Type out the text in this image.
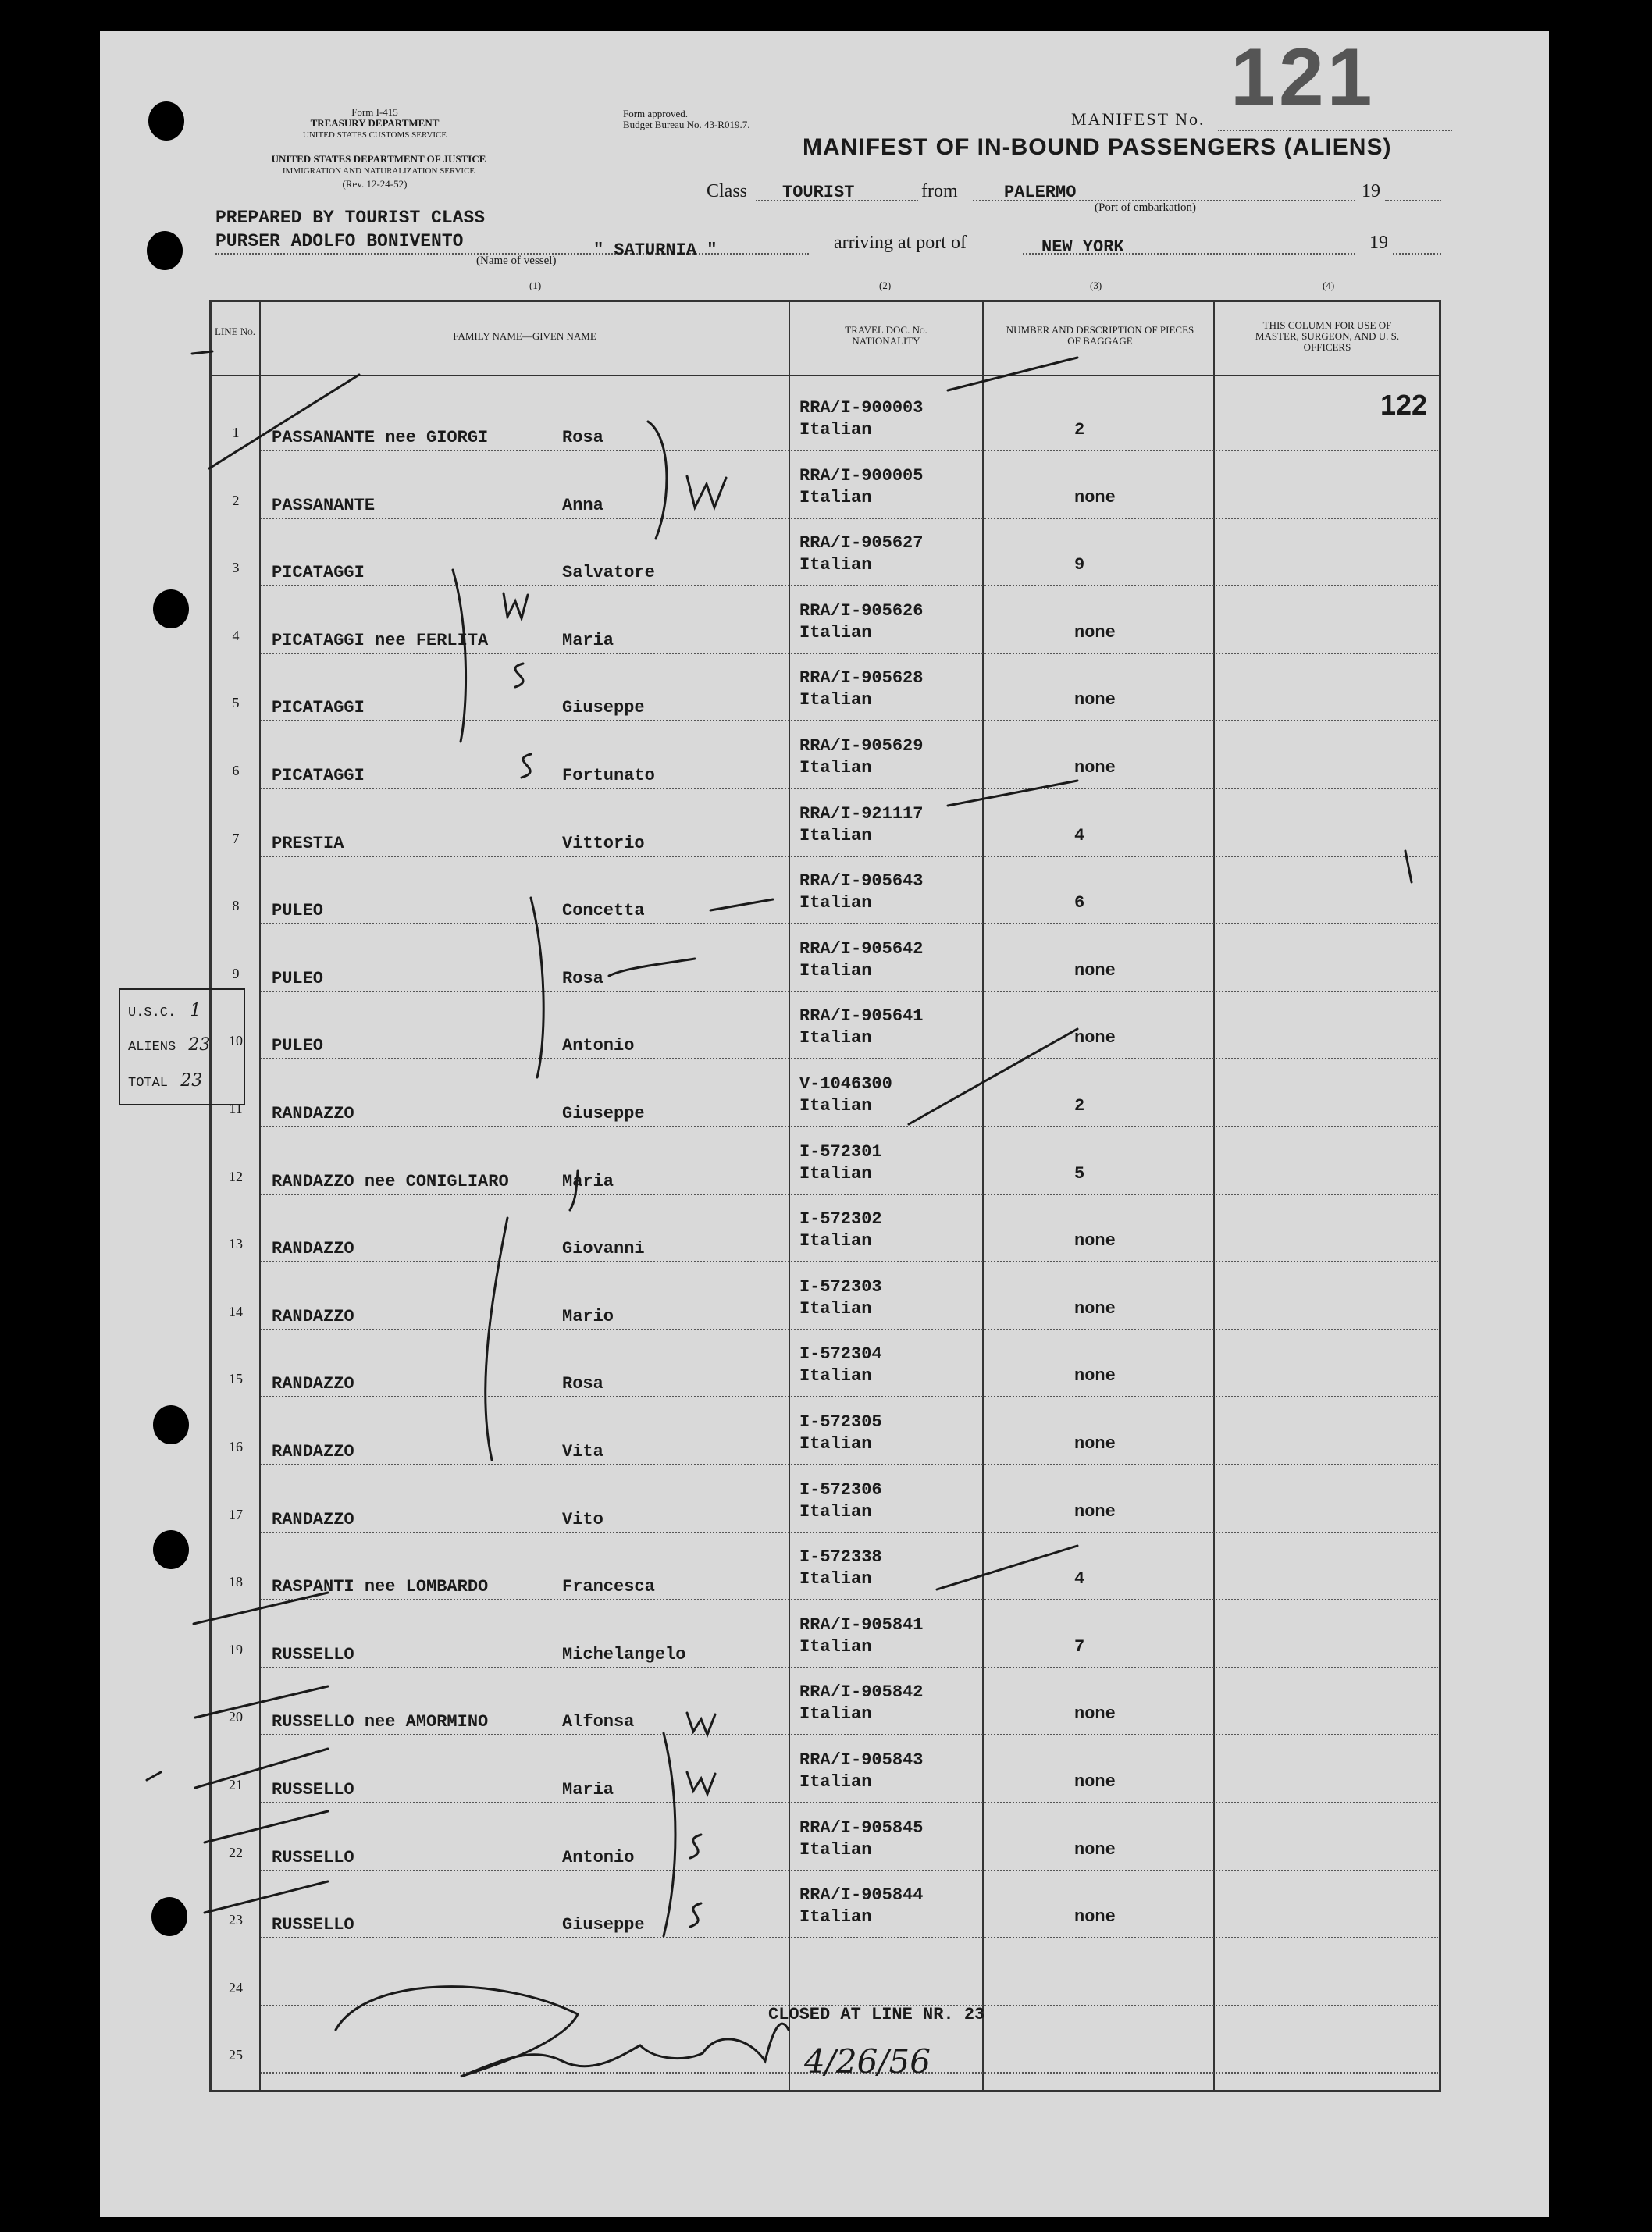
Form I-415
TREASURY DEPARTMENT
UNITED STATES CUSTOMS SERVICE
UNITED STATES DEPARTMENT OF JUSTICE
IMMIGRATION AND NATURALIZATION SERVICE
(Rev. 12-24-52)
Form approved.
Budget Bureau No. 43-R019.7.	MANIFEST No. 121
MANIFEST OF IN-BOUND PASSENGERS (ALIENS)
Class TOURIST	from	PALERMO
(Port of embarkation)
19
PREPARED BY TOURIST CLASS
PURSER ADOLFO BONIVENTO	" SATURNIA "
(Name of vessel)
arriving at port of	NEW YORK	19
(1)	(2)	(3)	(4)
LINE No.	FAMILY NAME—GIVEN NAME
TRAVEL DOC. No. NATIONALITY
NUMBER AND DESCRIPTION OF PIECES OF BAGGAGE
THIS COLUMN FOR USE OF MASTER, SURGEON, AND U. S. OFFICERS
122
1	PASSANANTE nee GIORGI	Rosa
RRA/I-900003
Italian	2
2	PASSANANTE	Anna
RRA/I-900005
Italian	none
3	PICATAGGI	Salvatore
RRA/I-905627
Italian	9
4	PICATAGGI nee FERLITA	Maria
RRA/I-905626
Italian	none
5	PICATAGGI	Giuseppe
RRA/I-905628
Italian	none
6	PICATAGGI	Fortunato
RRA/I-905629
Italian	none
7	PRESTIA	Vittorio
RRA/I-921117
Italian	4
8	PULEO	Concetta
RRA/I-905643
Italian	6
9	PULEO	Rosa
RRA/I-905642
Italian	none
10	PULEO	Antonio
RRA/I-905641
Italian	none
11	RANDAZZO	Giuseppe
V-1046300
Italian	2
12	RANDAZZO nee CONIGLIARO	Maria
I-572301
Italian	5
13	RANDAZZO	Giovanni
I-572302
Italian	none
14	RANDAZZO	Mario
I-572303
Italian	none
15	RANDAZZO	Rosa
I-572304
Italian	none
16	RANDAZZO	Vita
I-572305
Italian	none
17	RANDAZZO	Vito
I-572306
Italian	none
18	RASPANTI nee LOMBARDO	Francesca
I-572338
Italian	4
19	RUSSELLO	Michelangelo
RRA/I-905841
Italian	7
20	RUSSELLO nee AMORMINO	Alfonsa
RRA/I-905842
Italian	none
21	RUSSELLO	Maria
RRA/I-905843
Italian	none
22	RUSSELLO	Antonio
RRA/I-905845
Italian	none
23	RUSSELLO	Giuseppe
RRA/I-905844
Italian	none
24
25
CLOSED AT LINE NR. 23
4/26/56
U.S.C. 1
ALIENS 23
TOTAL 23
